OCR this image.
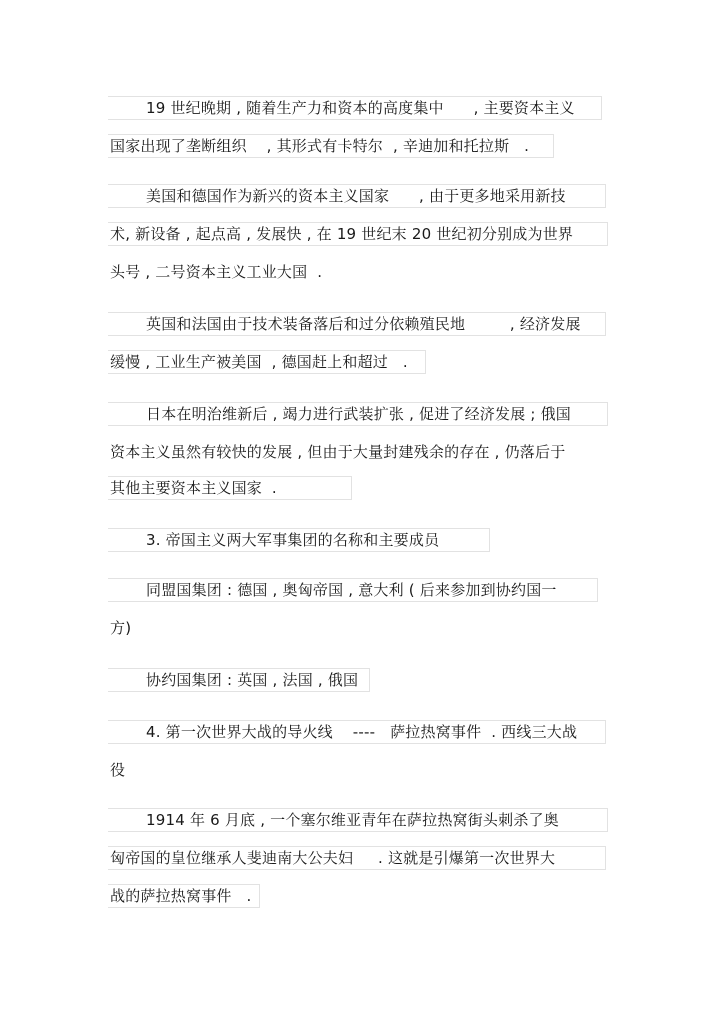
19 世纪晚期 , 随着生产力和资本的高度集中      , 主要资本主义
国家出现了垄断组织    , 其形式有卡特尔  , 辛迪加和托拉斯   .
美国和德国作为新兴的资本主义国家      , 由于更多地采用新技
术, 新设备 , 起点高 , 发展快 , 在 19 世纪末 20 世纪初分别成为世界
头号 , 二号资本主义工业大国  .
英国和法国由于技术装备落后和过分依赖殖民地         , 经济发展
缓慢 , 工业生产被美国  , 德国赶上和超过   .
日本在明治维新后 , 竭力进行武装扩张 , 促进了经济发展 ; 俄国
资本主义虽然有较快的发展 , 但由于大量封建残余的存在 , 仍落后于
其他主要资本主义国家  .
3. 帝国主义两大军事集团的名称和主要成员
同盟国集团 : 德国 , 奥匈帝国 , 意大利 ( 后来参加到协约国一
方)
协约国集团 : 英国 , 法国 , 俄国
4. 第一次世界大战的导火线    ----   萨拉热窝事件  . 西线三大战
役
1914 年 6 月底 , 一个塞尔维亚青年在萨拉热窝街头刺杀了奥
匈帝国的皇位继承人斐迪南大公夫妇     . 这就是引爆第一次世界大
战的萨拉热窝事件   .
